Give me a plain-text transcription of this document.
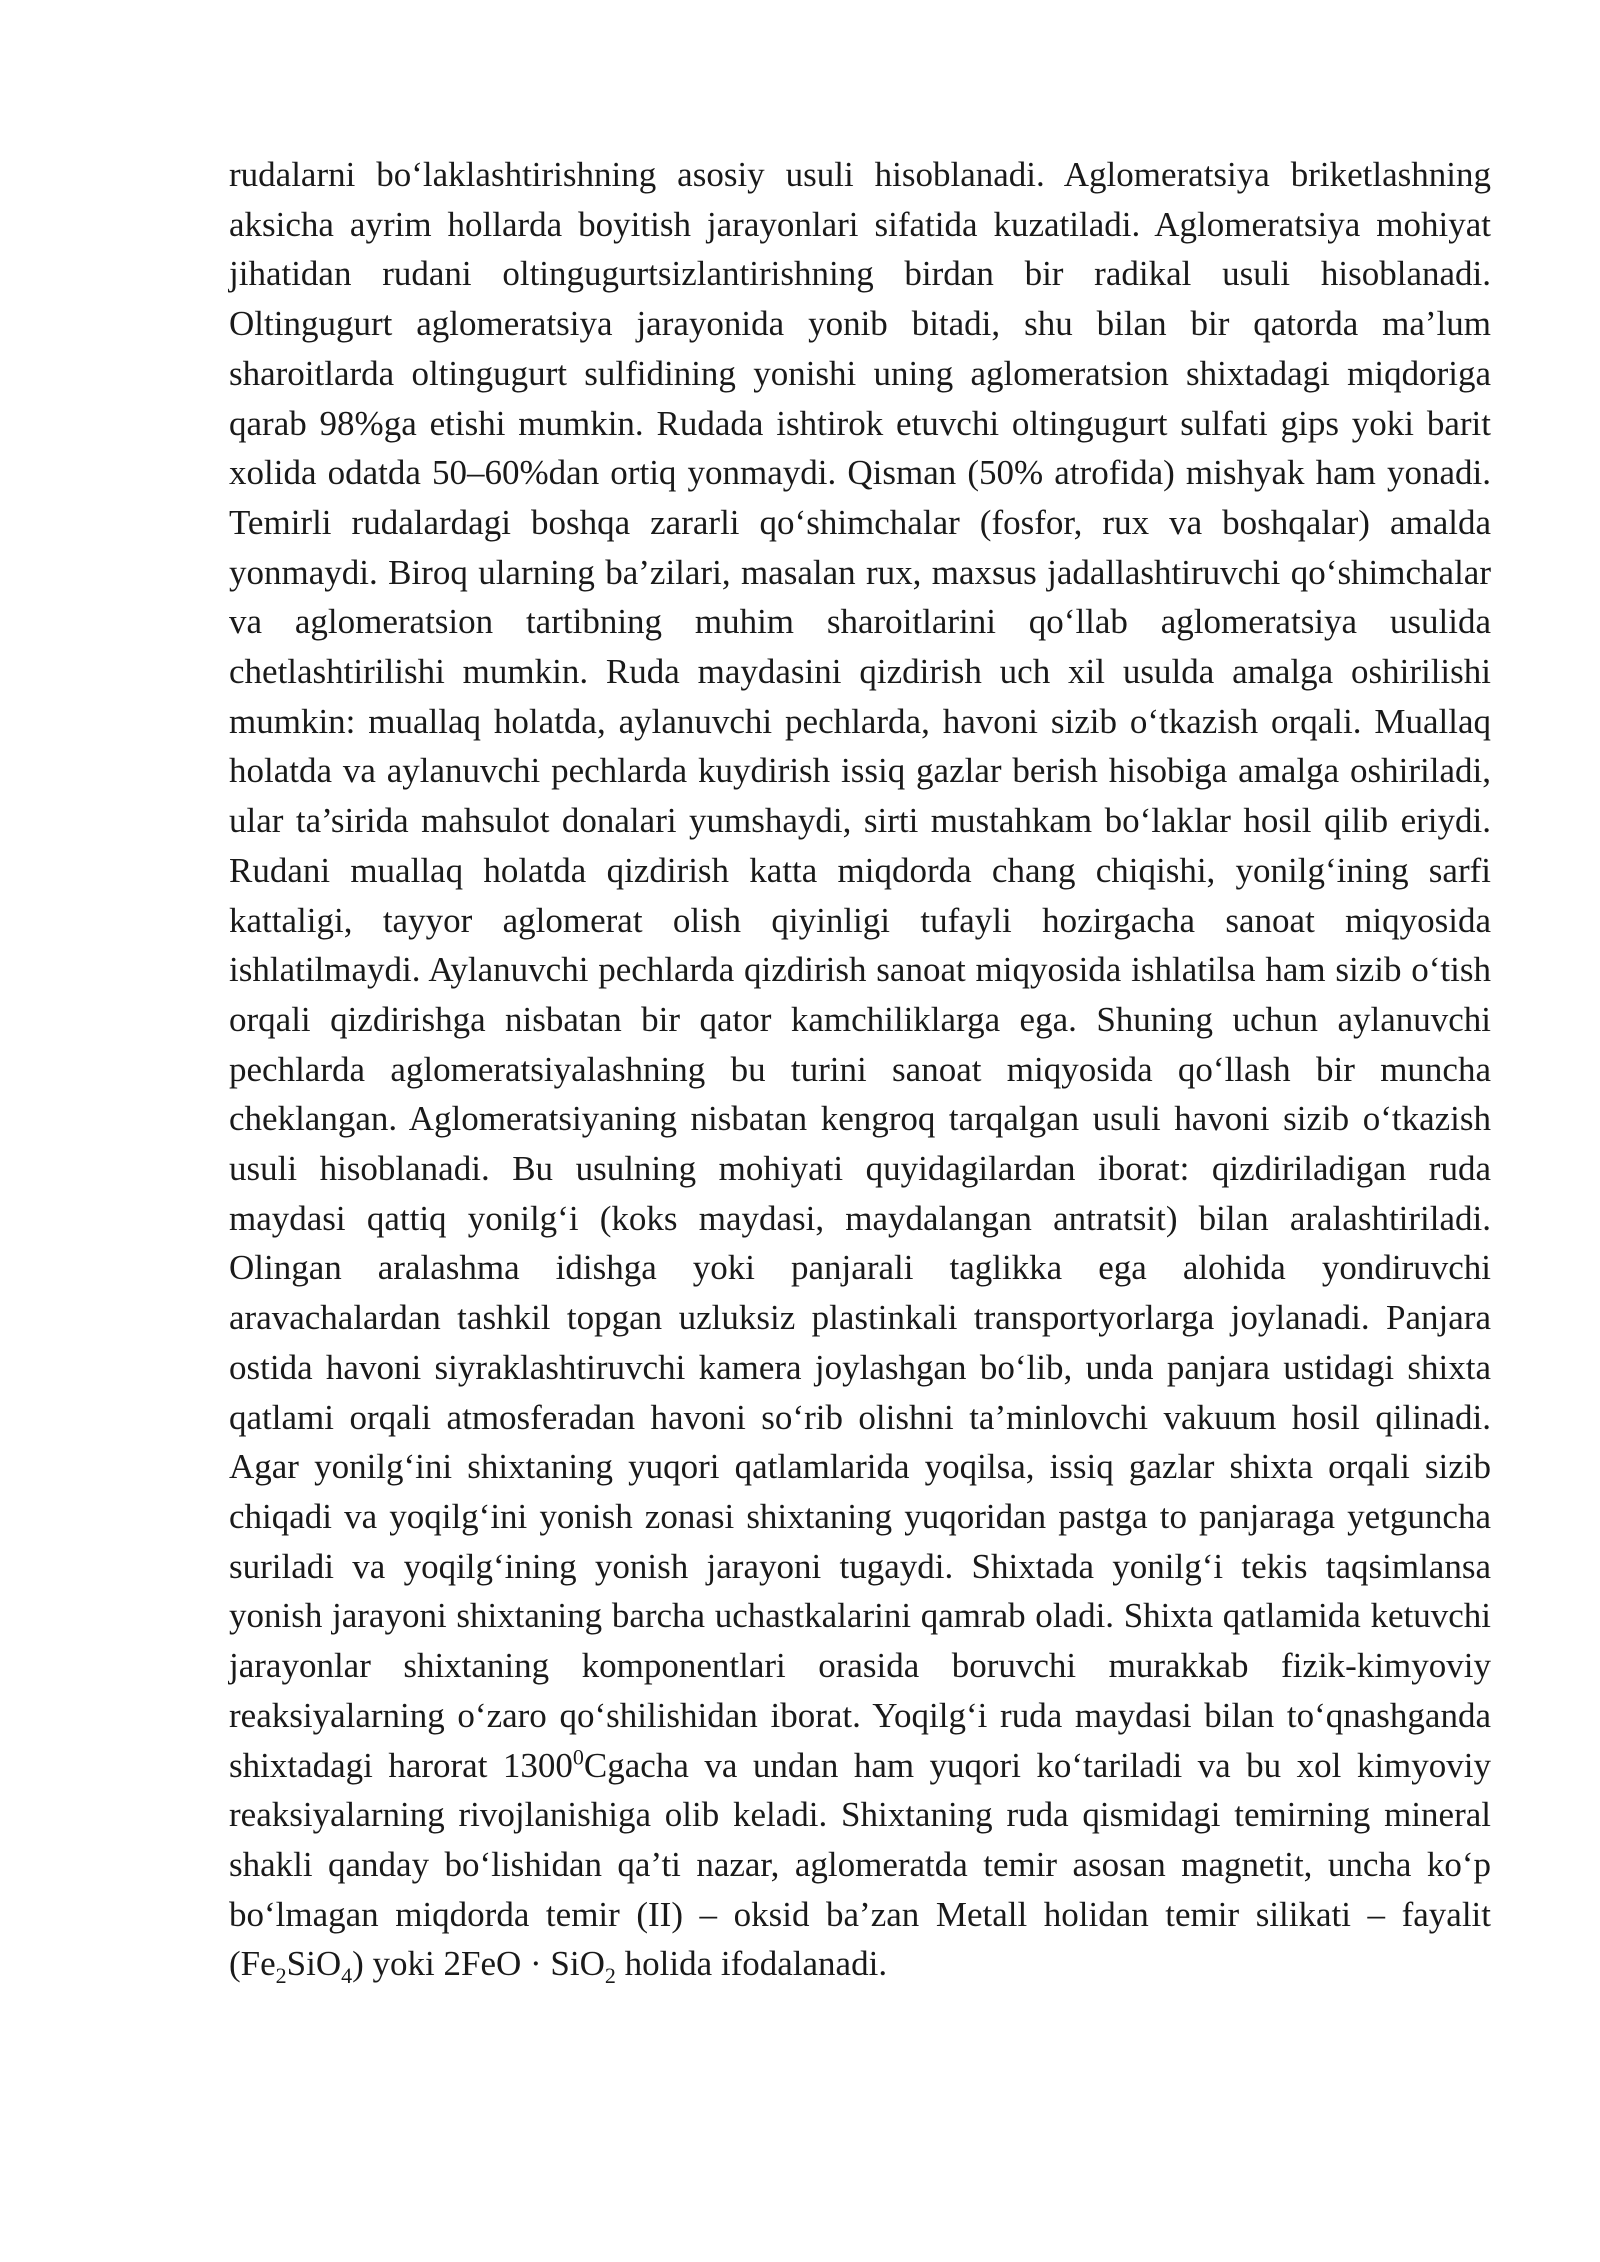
rudalarni bo‘laklashtirishning asosiy usuli hisoblanadi. Aglomeratsiya briketlashning aksicha ayrim hollarda boyitish jarayonlari sifatida kuzatiladi. Aglomeratsiya mohiyat jihatidan rudani oltingugurtsizlantirishning birdan bir radikal usuli hisoblanadi. Oltingugurt aglomeratsiya jarayonida yonib bitadi, shu bilan bir qatorda ma’lum sharoitlarda oltingugurt sulfidining yonishi uning aglomeratsion shixtadagi miqdoriga qarab 98%ga etishi mumkin. Rudada ishtirok etuvchi oltingugurt sulfati gips yoki barit xolida odatda 50–60%dan ortiq yonmaydi. Qisman (50% atrofida) mishyak ham yonadi. Temirli rudalardagi boshqa zararli qo‘shimchalar (fosfor, rux va boshqalar) amalda yonmaydi. Biroq ularning ba’zilari, masalan rux, maxsus jadallashtiruvchi qo‘shimchalar va aglomeratsion tartibning muhim sharoitlarini qo‘llab aglomeratsiya usulida chetlashtirilishi mumkin. Ruda maydasini qizdirish uch xil usulda amalga oshirilishi mumkin: muallaq holatda, aylanuvchi pechlarda, havoni sizib o‘tkazish orqali. Muallaq holatda va aylanuvchi pechlarda kuydirish issiq gazlar berish hisobiga amalga oshiriladi, ular ta’sirida mahsulot donalari yumshaydi, sirti mustahkam bo‘laklar hosil qilib eriydi. Rudani muallaq holatda qizdirish katta miqdorda chang chiqishi, yonilg‘ining sarfi kattaligi, tayyor aglomerat olish qiyinligi tufayli hozirgacha sanoat miqyosida ishlatilmaydi. Aylanuvchi pechlarda qizdirish sanoat miqyosida ishlatilsa ham sizib o‘tish orqali qizdirishga nisbatan bir qator kamchiliklarga ega. Shuning uchun aylanuvchi pechlarda aglomeratsiyalashning bu turini sanoat miqyosida qo‘llash bir muncha cheklangan. Aglomeratsiyaning nisbatan kengroq tarqalgan usuli havoni sizib o‘tkazish usuli hisoblanadi. Bu usulning mohiyati quyidagilardan iborat: qizdiriladigan ruda maydasi qattiq yonilg‘i (koks maydasi, maydalangan antratsit) bilan aralashtiriladi. Olingan aralashma idishga yoki panjarali taglikka ega alohida yondiruvchi aravachalardan tashkil topgan uzluksiz plastinkali transportyorlarga joylanadi. Panjara ostida havoni siyraklashtiruvchi kamera joylashgan bo‘lib, unda panjara ustidagi shixta qatlami orqali atmosferadan havoni so‘rib olishni ta’minlovchi vakuum hosil qilinadi. Agar yonilg‘ini shixtaning yuqori qatlamlarida yoqilsa, issiq gazlar shixta orqali sizib chiqadi va yoqilg‘ini yonish zonasi shixtaning yuqoridan pastga to panjaraga yetguncha suriladi va yoqilg‘ining yonish jarayoni tugaydi. Shixtada yonilg‘i tekis taqsimlansa yonish jarayoni shixtaning barcha uchastkalarini qamrab oladi. Shixta qatlamida ketuvchi jarayonlar shixtaning komponentlari orasida boruvchi murakkab fizik-kimyoviy reaksiyalarning o‘zaro qo‘shilishidan iborat. Yoqilg‘i ruda maydasi bilan to‘qnashganda shixtadagi harorat 1300$^0$Cgacha va undan ham yuqori ko‘tariladi va bu xol kimyoviy reaksiyalarning rivojlanishiga olib keladi. Shixtaning ruda qismidagi temirning mineral shakli qanday bo‘lishidan qa’ti nazar, aglomeratda temir asosan magnetit, uncha ko‘p bo‘lmagan miqdorda temir (II) – oksid ba’zan Metall holidan temir silikati – fayalit $(Fe_2SiO_4)$ yoki 2FeO · SiO$_2$ holida ifodalanadi.
